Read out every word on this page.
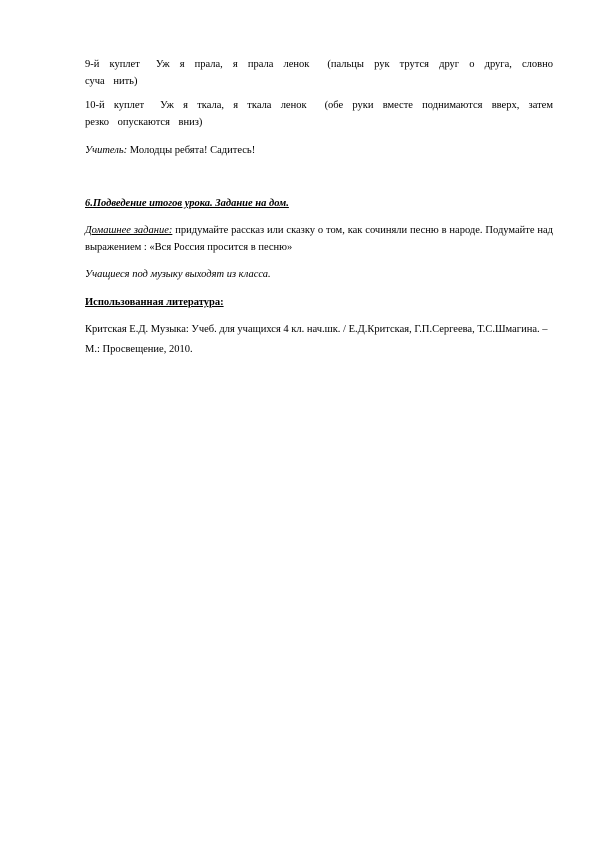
9-й куплет Уж я прала, я прала ленок (пальцы рук трутся друг о друга, словно суча нить)
10-й куплет Уж я ткала, я ткала ленок (обе руки вместе поднимаются вверх, затем резко опускаются вниз)
Учитель: Молодцы ребята! Садитесь!
6.Подведение итогов урока. Задание на дом.
Домашнее задание: придумайте рассказ или сказку о том, как сочиняли песню в народе. Подумайте над выражением : «Вся Россия просится в песню»
Учащиеся под музыку выходят из класса.
Использованная литература:
Критская Е.Д. Музыка: Учеб. для учащихся 4 кл. нач.шк. / Е.Д.Критская, Г.П.Сергеева, Т.С.Шмагина. – М.: Просвещение, 2010.
